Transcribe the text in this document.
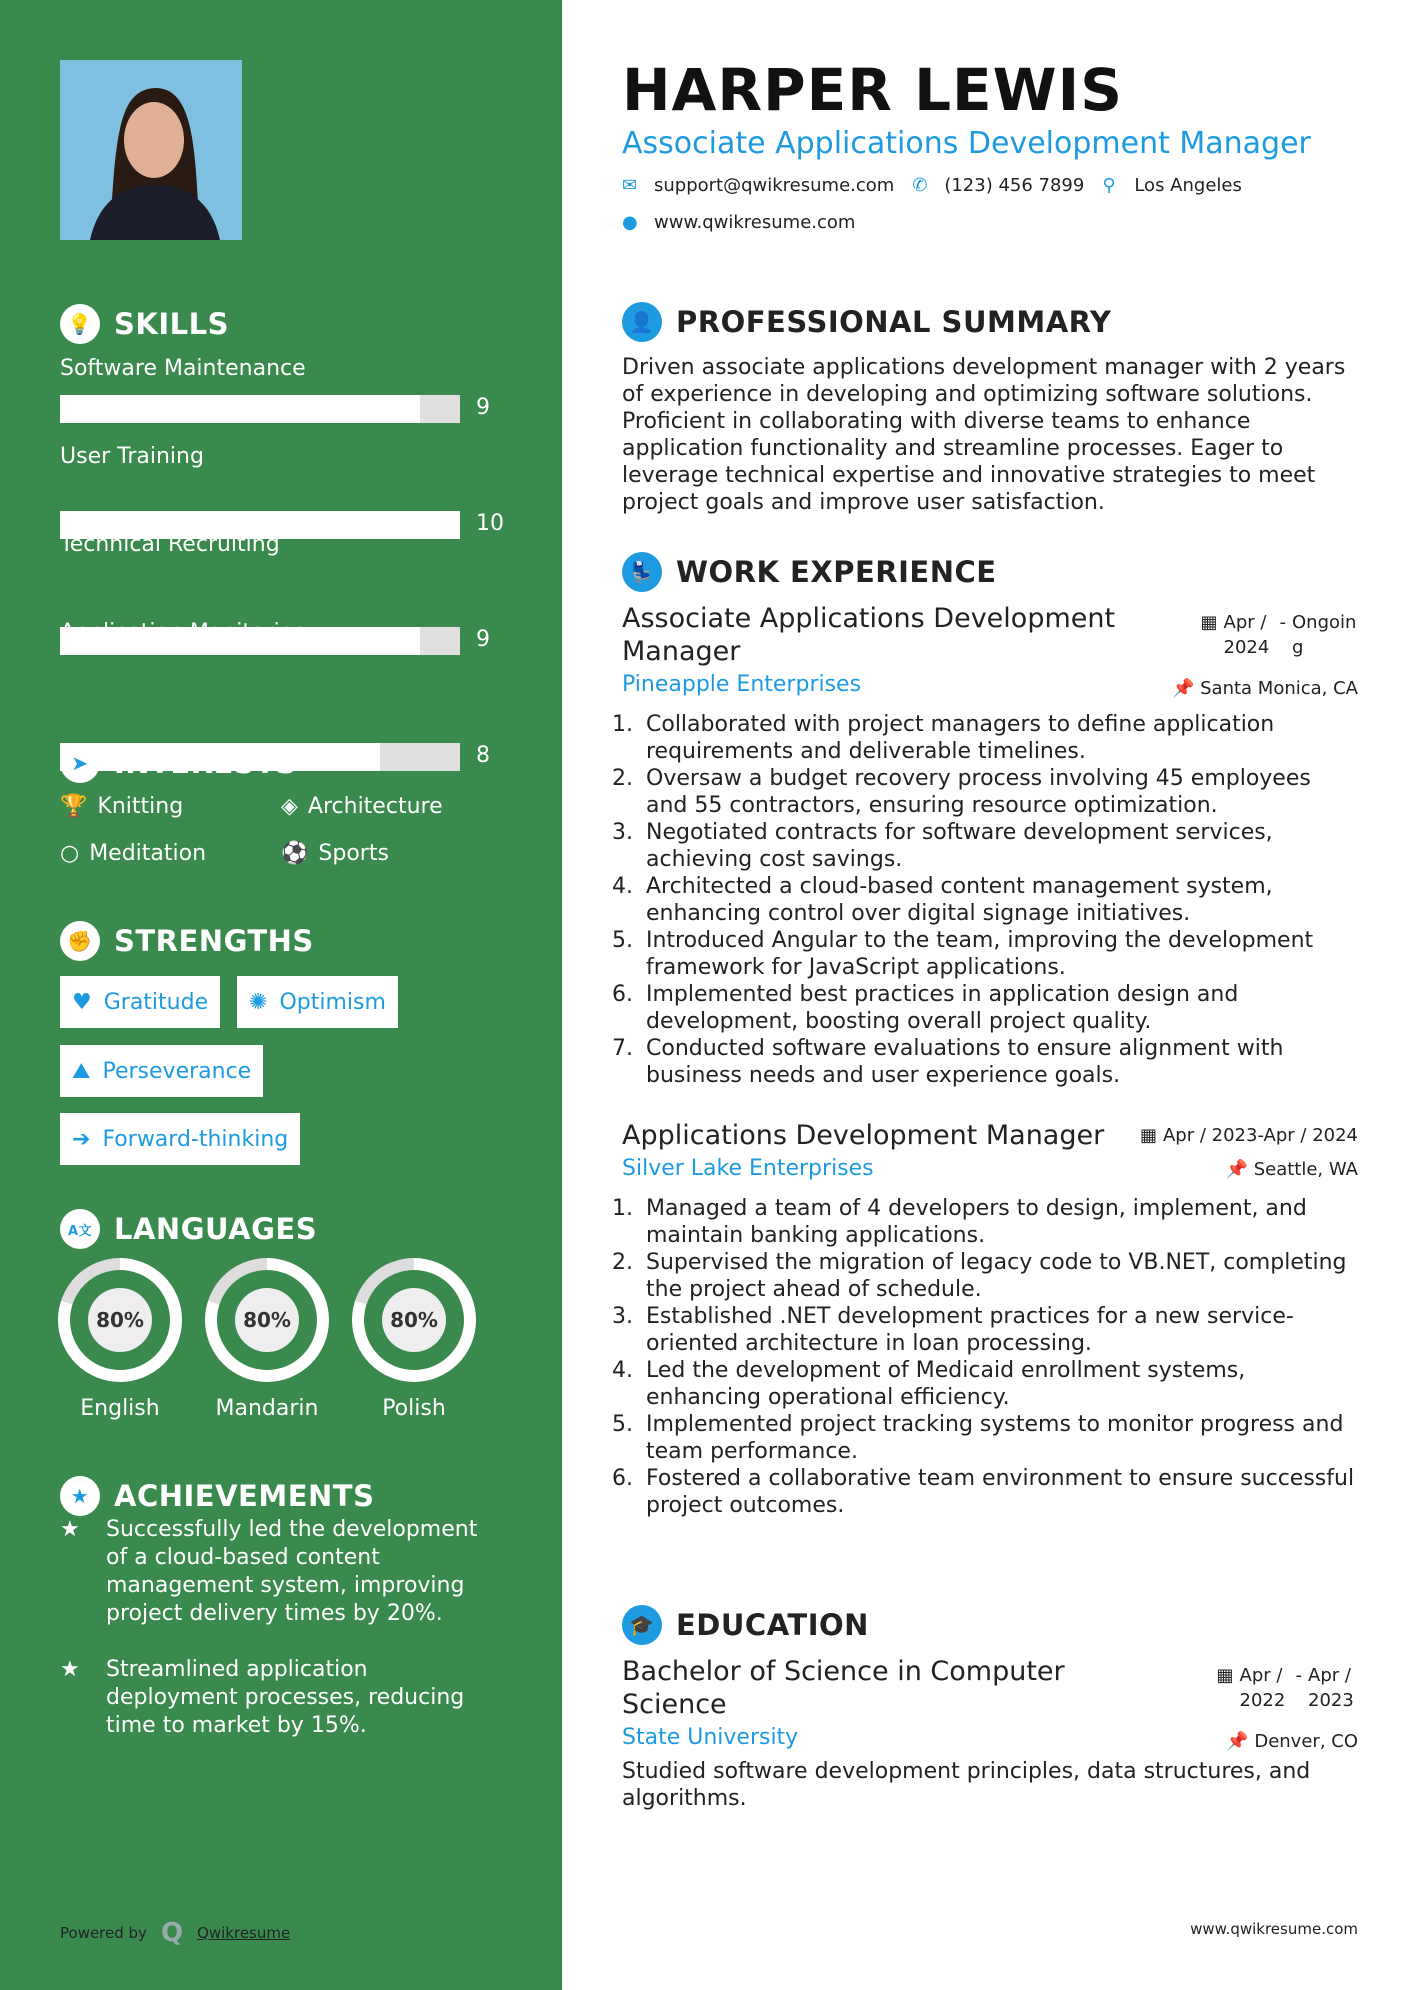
💡 SKILLS
Software Maintenance
9
User Training
10
Technical Recruiting
9
Application Monitoring
8
➤ INTERESTS
🏆 Knitting	◈ Architecture
○ Meditation	⚽ Sports
✊ STRENGTHS
♥ Gratitude ✺ Optimism
⛰ Perseverance
➔ Forward-thinking
A文 LANGUAGES
80%
English
80%
Mandarin
80%
Polish
★ ACHIEVEMENTS
★	Successfully led the development of a cloud-based content management system, improving project delivery times by 20%.
★	Streamlined application deployment processes, reducing time to market by 15%.
Powered by Q Qwikresume
HARPER LEWIS
Associate Applications Development Manager
✉ support@qwikresume.com ✆ (123) 456 7899 ⚲	Los Angeles
● www.qwikresume.com
👤 PROFESSIONAL SUMMARY

Driven associate applications development manager with 2 years of experience in developing and optimizing software solutions. Proficient in collaborating with diverse teams to enhance application functionality and streamline processes. Eager to leverage technical expertise and innovative strategies to meet project goals and improve user satisfaction.

💺 WORK EXPERIENCE
Associate Applications Development Manager
▦ Apr / 2024
- Ongoing
Pineapple Enterprises	📌 Santa Monica, CA
1. Collaborated with project managers to define application requirements and deliverable timelines.
2. Oversaw a budget recovery process involving 45 employees and 55 contractors, ensuring resource optimization.
3. Negotiated contracts for software development services, achieving cost savings.
4. Architected a cloud-based content management system, enhancing control over digital signage initiatives.
5. Introduced Angular to the team, improving the development framework for JavaScript applications.
6. Implemented best practices in application design and development, boosting overall project quality.
7. Conducted software evaluations to ensure alignment with business needs and user experience goals.
Applications Development Manager	▦ Apr / 2023-Apr / 2024
Silver Lake Enterprises	📌 Seattle, WA
1. Managed a team of 4 developers to design, implement, and maintain banking applications.
2. Supervised the migration of legacy code to VB.NET, completing the project ahead of schedule.
3. Established .NET development practices for a new service-oriented architecture in loan processing.
4. Led the development of Medicaid enrollment systems, enhancing operational efficiency.
5. Implemented project tracking systems to monitor progress and team performance.
6. Fostered a collaborative team environment to ensure successful project outcomes.
🎓 EDUCATION
Bachelor of Science in Computer Science
▦ Apr / 2022
- Apr / 2023
State University	📌 Denver, CO

Studied software development principles, data structures, and algorithms.

www.qwikresume.com
